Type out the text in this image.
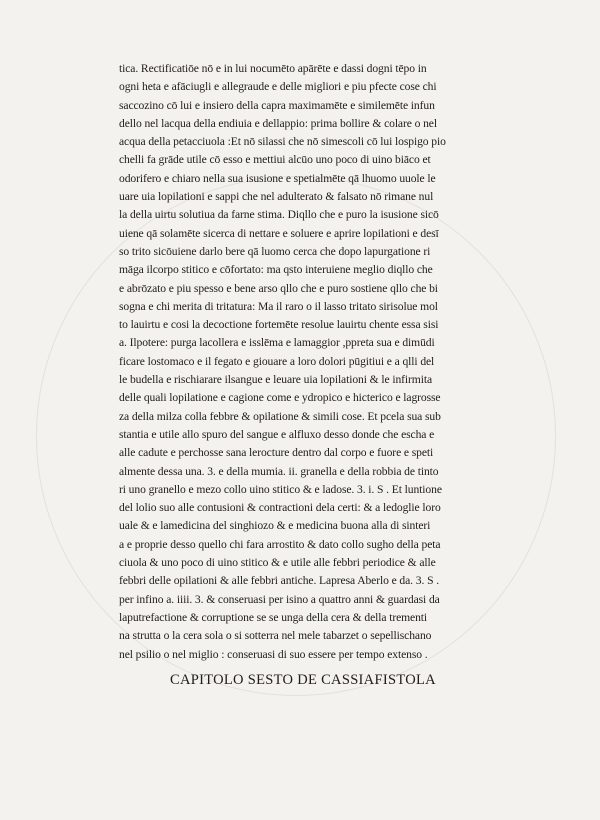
tica. Rectificatiōe nō e in lui nocumēto apārēte e dassi dogni tēpo in
ogni heta e afāciugli e allegraude e delle migliori e piu pfecte cose chi
saccozino cō lui e insiero della capra maximamēte e similemēte infun
dello nel lacqua della endiuia e dellappio: prima bollire & colare o nel
acqua della petacciuola :Et nō silassi che nō simescoli cō lui lospigo pio
chelli fa grāde utile cō esso e mettiui alcūo uno poco di uino biāco et
odorifero e chiaro nella sua isusione e spetialmēte qā lhuomo uuole le
uare uia lopilationi e sappi che nel adulterato & falsato nō rimane nul
la della uirtu solutiua da farne stima. Diqllo che e puro la isusione sicō
uiene qā solamēte sicerca di nettare e soluere e aprire lopilationi e desī
so trito sicōuiene darlo bere qā luomo cerca che dopo lapurgatione ri
māga ilcorpo stitico e cōfortato: ma qsto interuiene meglio diqllo che
e abrōzato e piu spesso e bene arso qllo che e puro sostiene qllo che bi
sogna e chi merita di tritatura: Ma il raro o il lasso tritato sirisolue mol
to lauirtu e cosi la decoctione fortemēte resolue lauirtu chente essa sisi
a. Ilpotere: purga lacollera e isslēma e lamaggior ,ppreta sua e dimūdi
ficare lostomaco e il fegato e giouare a loro dolori pūgitiui e a qlli del
le budella e rischiarare ilsangue e leuare uia lopilationi & le infirmita
delle quali lopilatione e cagione come e ydropico e hicterico e lagrosse
za della milza colla febbre & opilatione & simili cose. Et pcela sua sub
stantia e utile allo spuro del sangue e alfluxo desso donde che escha e
alle cadute e perchosse sana lerocture dentro dal corpo e fuore e speti
almente dessa una. 3. e della mumia. ii. granella e della robbia de tinto
ri uno granello e mezo collo uino stitico & e ladose. 3. i. S . Et luntione
del lolio suo alle contusioni & contractioni dela certi: & a ledoglie loro
uale & e lamedicina del singhiozo & e medicina buona alla di sinteri
a e proprie desso quello chi fara arrostito & dato collo sugho della peta
ciuola & uno poco di uino stitico & e utile alle febbri periodice & alle
febbri delle opilationi & alle febbri antiche. Lapresa Aberlo e da. 3. S .
per infino a. iiii. 3. & conseruasi per isino a quattro anni & guardasi da
laputrefactione & corruptione se se unga della cera & della trementi
na strutta o la cera sola o si sotterra nel mele tabarzet o sepellischano
nel psilio o nel miglio : conseruasi di suo essere per tempo extenso .
CAPITOLO SESTO DE CASSIAFISTOLA
